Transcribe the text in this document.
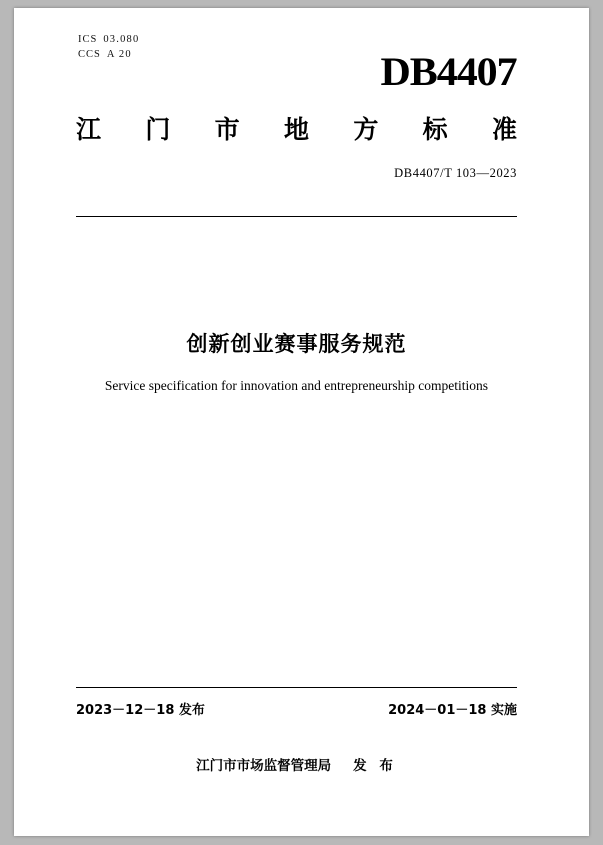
ICS 03.080
CCS A 20	DB4407
江 门 市 地 方 标 准
DB4407/T 103—2023
创新创业赛事服务规范
Service specification for innovation and entrepreneurship competitions
2023－12－18 发布	2024－01－18 实施
江门市市场监督管理局 发 布
